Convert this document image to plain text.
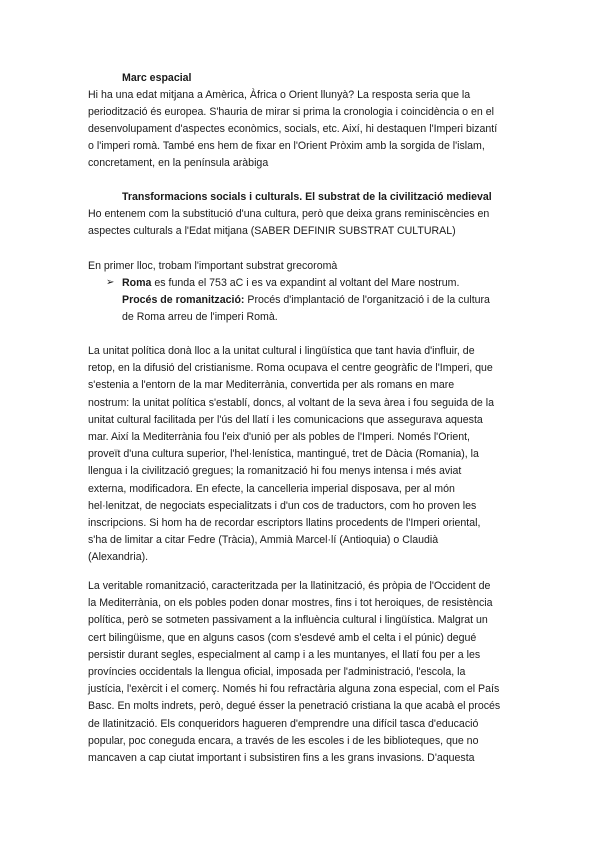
Marc espacial
Hi ha una edat mitjana a Amèrica, Àfrica o Orient llunyà? La resposta seria que la
periodització és europea. S'hauria de mirar si prima la cronologia i coincidència o en el
desenvolupament d'aspectes econòmics, socials, etc. Així, hi destaquen l'Imperi bizantí
o l'imperi romà. També ens hem de fixar en l'Orient Pròxim amb la sorgida de l'islam,
concretament, en la península aràbiga
Transformacions socials i culturals. El substrat de la civilització medieval
Ho entenem com la substitució d'una cultura, però que deixa grans reminiscències en
aspectes culturals a l'Edat mitjana (SABER DEFINIR SUBSTRAT CULTURAL)
En primer lloc, trobam l'important substrat grecoromà
➢ Roma es funda el 753 aC i es va expandint al voltant del Mare nostrum.
Procés de romanització: Procés d'implantació de l'organització i de la cultura
de Roma arreu de l'imperi Romà.
La unitat política donà lloc a la unitat cultural i lingüística que tant havia d'influir, de
retop, en la difusió del cristianisme. Roma ocupava el centre geogràfic de l'Imperi, que
s'estenia a l'entorn de la mar Mediterrània, convertida per als romans en mare
nostrum: la unitat política s'establí, doncs, al voltant de la seva àrea i fou seguida de la
unitat cultural facilitada per l'ús del llatí i les comunicacions que assegurava aquesta
mar. Així la Mediterrània fou l'eix d'unió per als pobles de l'Imperi. Només l'Orient,
proveït d'una cultura superior, l'hel·lenística, mantingué, tret de Dàcia (Romania), la
llengua i la civilització gregues; la romanització hi fou menys intensa i més aviat
externa, modificadora. En efecte, la cancelleria imperial disposava, per al món
hel·lenitzat, de negociats especialitzats i d'un cos de traductors, com ho proven les
inscripcions. Si hom ha de recordar escriptors llatins procedents de l'Imperi oriental,
s'ha de limitar a citar Fedre (Tràcia), Ammià Marcel·lí (Antioquia) o Claudià
(Alexandria).
La veritable romanització, caracteritzada per la llatinització, és pròpia de l'Occident de
la Mediterrània, on els pobles poden donar mostres, fins i tot heroiques, de resistència
política, però se sotmeten passivament a la influència cultural i lingüística. Malgrat un
cert bilingüisme, que en alguns casos (com s'esdevé amb el celta i el púnic) degué
persistir durant segles, especialment al camp i a les muntanyes, el llatí fou per a les
províncies occidentals la llengua oficial, imposada per l'administració, l'escola, la
justícia, l'exèrcit i el comerç. Només hi fou refractària alguna zona especial, com el País
Basc. En molts indrets, però, degué ésser la penetració cristiana la que acabà el procés
de llatinització. Els conqueridors hagueren d'emprendre una difícil tasca d'educació
popular, poc coneguda encara, a través de les escoles i de les biblioteques, que no
mancaven a cap ciutat important i subsistiren fins a les grans invasions. D'aquesta
